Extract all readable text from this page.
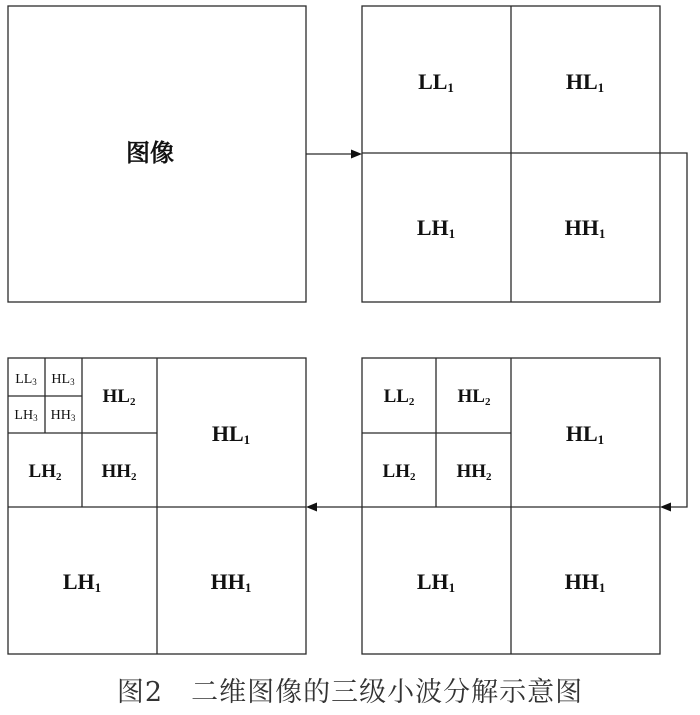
图像
LL1	HL1
LH1	HH1
LL2 HL2
LH2 HH2
HL1
LH1	HH1
LL3 HL3
LH3 HH3
HL2
LH2 HH2
HL1
LH1	HH1
图2　二维图像的三级小波分解示意图
